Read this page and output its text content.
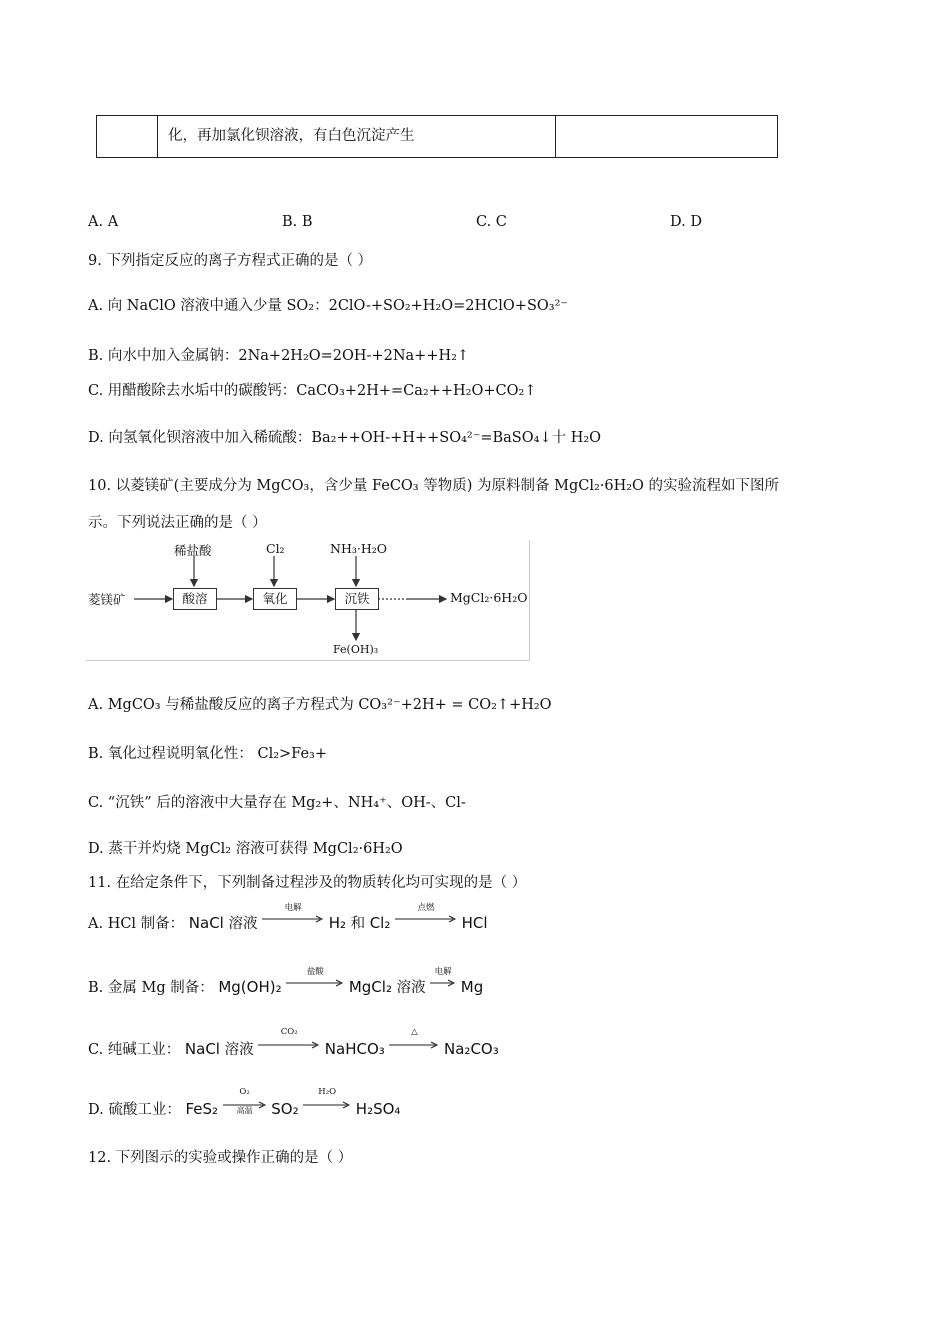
化，再加氯化钡溶液，有白色沉淀产生
A. A	B. B	C. C	D. D
9. 下列指定反应的离子方程式正确的是（ ）
A. 向 NaClO 溶液中通入少量 SO₂：2ClO-+SO₂+H₂O=2HClO+SO₃²⁻
B. 向水中加入金属钠：2Na+2H₂O=2OH-+2Na++H₂↑
C. 用醋酸除去水垢中的碳酸钙：CaCO₃+2H+=Ca₂++H₂O+CO₂↑
D. 向氢氧化钡溶液中加入稀硫酸：Ba₂++OH-+H++SO₄²⁻=BaSO₄↓十 H₂O
10. 以菱镁矿(主要成分为 MgCO₃，含少量 FeCO₃ 等物质) 为原料制备 MgCl₂·6H₂O 的实验流程如下图所
示。下列说法正确的是（ ）
菱镁矿
稀盐酸	Cl₂	NH₃·H₂O
酸溶	氧化	沉铁	MgCl₂·6H₂O
Fe(OH)₃
A. MgCO₃ 与稀盐酸反应的离子方程式为 CO₃²⁻+2H+ = CO₂↑+H₂O
B. 氧化过程说明氧化性： Cl₂>Fe₃+
C. “沉铁” 后的溶液中大量存在 Mg₂+、NH₄⁺、OH-、Cl-
D. 蒸干并灼烧 MgCl₂ 溶液可获得 MgCl₂·6H₂O
11. 在给定条件下，下列制备过程涉及的物质转化均可实现的是（ ）
A. HCl 制备： NaCl 溶液
电解
H₂ 和 Cl₂
点燃
HCl
B. 金属 Mg 制备： Mg(OH)₂
盐酸
MgCl₂ 溶液
电解
Mg
C. 纯碱工业： NaCl 溶液
CO₂
NaHCO₃
△
Na₂CO₃
D. 硫酸工业： FeS₂
O₂
高温	SO₂
H₂O
H₂SO₄
12. 下列图示的实验或操作正确的是（ ）
